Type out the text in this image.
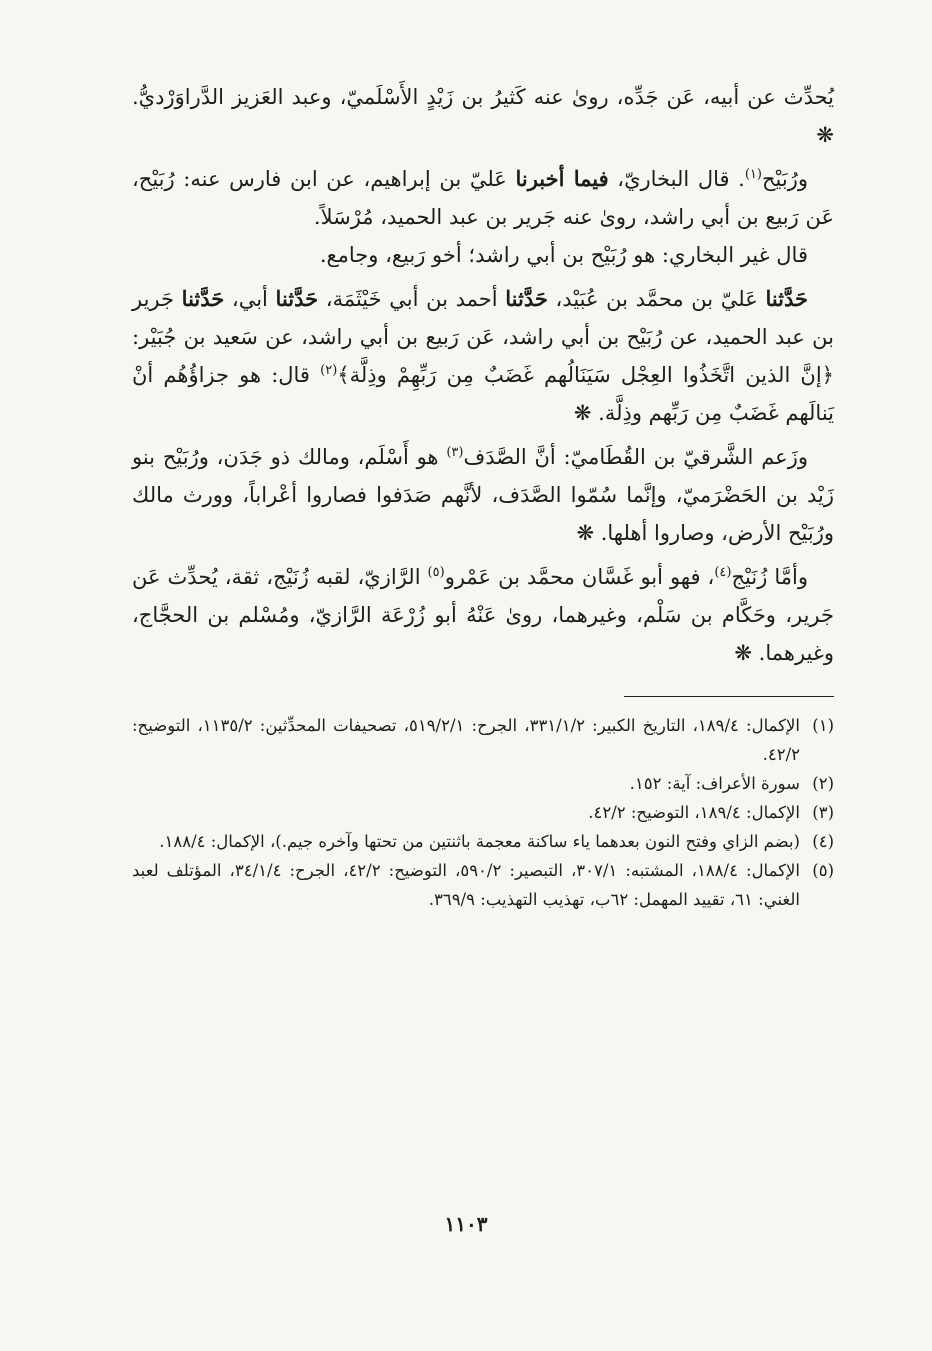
يُحدِّث عن أبيه، عَن جَدِّه، روىٰ عنه كَثيرُ بن زَيْدٍ الأَسْلَميّ، وعبد العَزيز الدَّراوَرْديُّ. ❋

ورُبَيْح$^{(١)}$. قال البخاريّ، فيما أخبرنا عَليّ بن إبراهيم، عن ابن فارس عنه: رُبَيْح، عَن رَبيع بن أبي راشد، روىٰ عنه جَرير بن عبد الحميد، مُرْسَلاً.

قال غير البخاري: هو رُبَيْح بن أبي راشد؛ أخو رَبيع، وجامع.

حَدَّثنا عَليّ بن محمَّد بن عُبَيْد، حَدَّثنا أحمد بن أبي خَيْثَمَة، حَدَّثنا أبي، حَدَّثنا جَرير بن عبد الحميد، عن رُبَيْح بن أبي راشد، عَن رَبيع بن أبي راشد، عن سَعيد بن جُبَيْر: ﴿إنَّ الذين اتَّخَذُوا العِجْل سَيَنَالُهم غَضَبٌ مِن رَبِّهِمْ وذِلَّة﴾$^{(٢)}$ قال: هو جزاؤُهُم أنْ يَنالَهم غَضَبٌ مِن رَبِّهم وذِلَّة. ❋

وزَعم الشَّرقيّ بن القُطَاميّ: أنَّ الصَّدَف$^{(٣)}$ هو أَسْلَم، ومالك ذو جَدَن، ورُبَيْح بنو زَيْد بن الحَضْرَميّ، وإنَّما سُمّوا الصَّدَف، لأنَّهم صَدَفوا فصاروا أعْراباً، وورث مالك ورُبَيْح الأرض، وصاروا أهلها. ❋

وأمَّا زُنَيْج$^{(٤)}$، فهو أبو غَسَّان محمَّد بن عَمْرو$^{(٥)}$ الرَّازيّ، لقبه زُنَيْج، ثقة، يُحدِّث عَن جَرير، وحَكَّام بن سَلْم، وغيرهما، روىٰ عَنْهُ أبو زُرْعَة الرَّازيّ، ومُسْلم بن الحجَّاج، وغيرهما. ❋

(١)
الإكمال: ١٨٩/٤، التاريخ الكبير: ٣٣١/١/٢، الجرح: ٥١٩/٢/١، تصحيفات المحدِّثين: ١١٣٥/٢، التوضيح: ٤٢/٢.
(٢)
سورة الأعراف: آية: ١٥٢.
(٣)
الإكمال: ١٨٩/٤، التوضيح: ٤٢/٢.
(٤)
(بضم الزاي وفتح النون بعدهما ياء ساكنة معجمة باثنتين من تحتها وآخره جيم.)، الإكمال: ١٨٨/٤.
(٥)
الإكمال: ١٨٨/٤، المشتبه: ٣٠٧/١، التبصير: ٥٩٠/٢، التوضيح: ٤٢/٢، الجرح: ٣٤/١/٤، المؤتلف لعبد الغني: ٦١، تقييد المهمل: ٦٢ب، تهذيب التهذيب: ٣٦٩/٩.
١١٠٣
